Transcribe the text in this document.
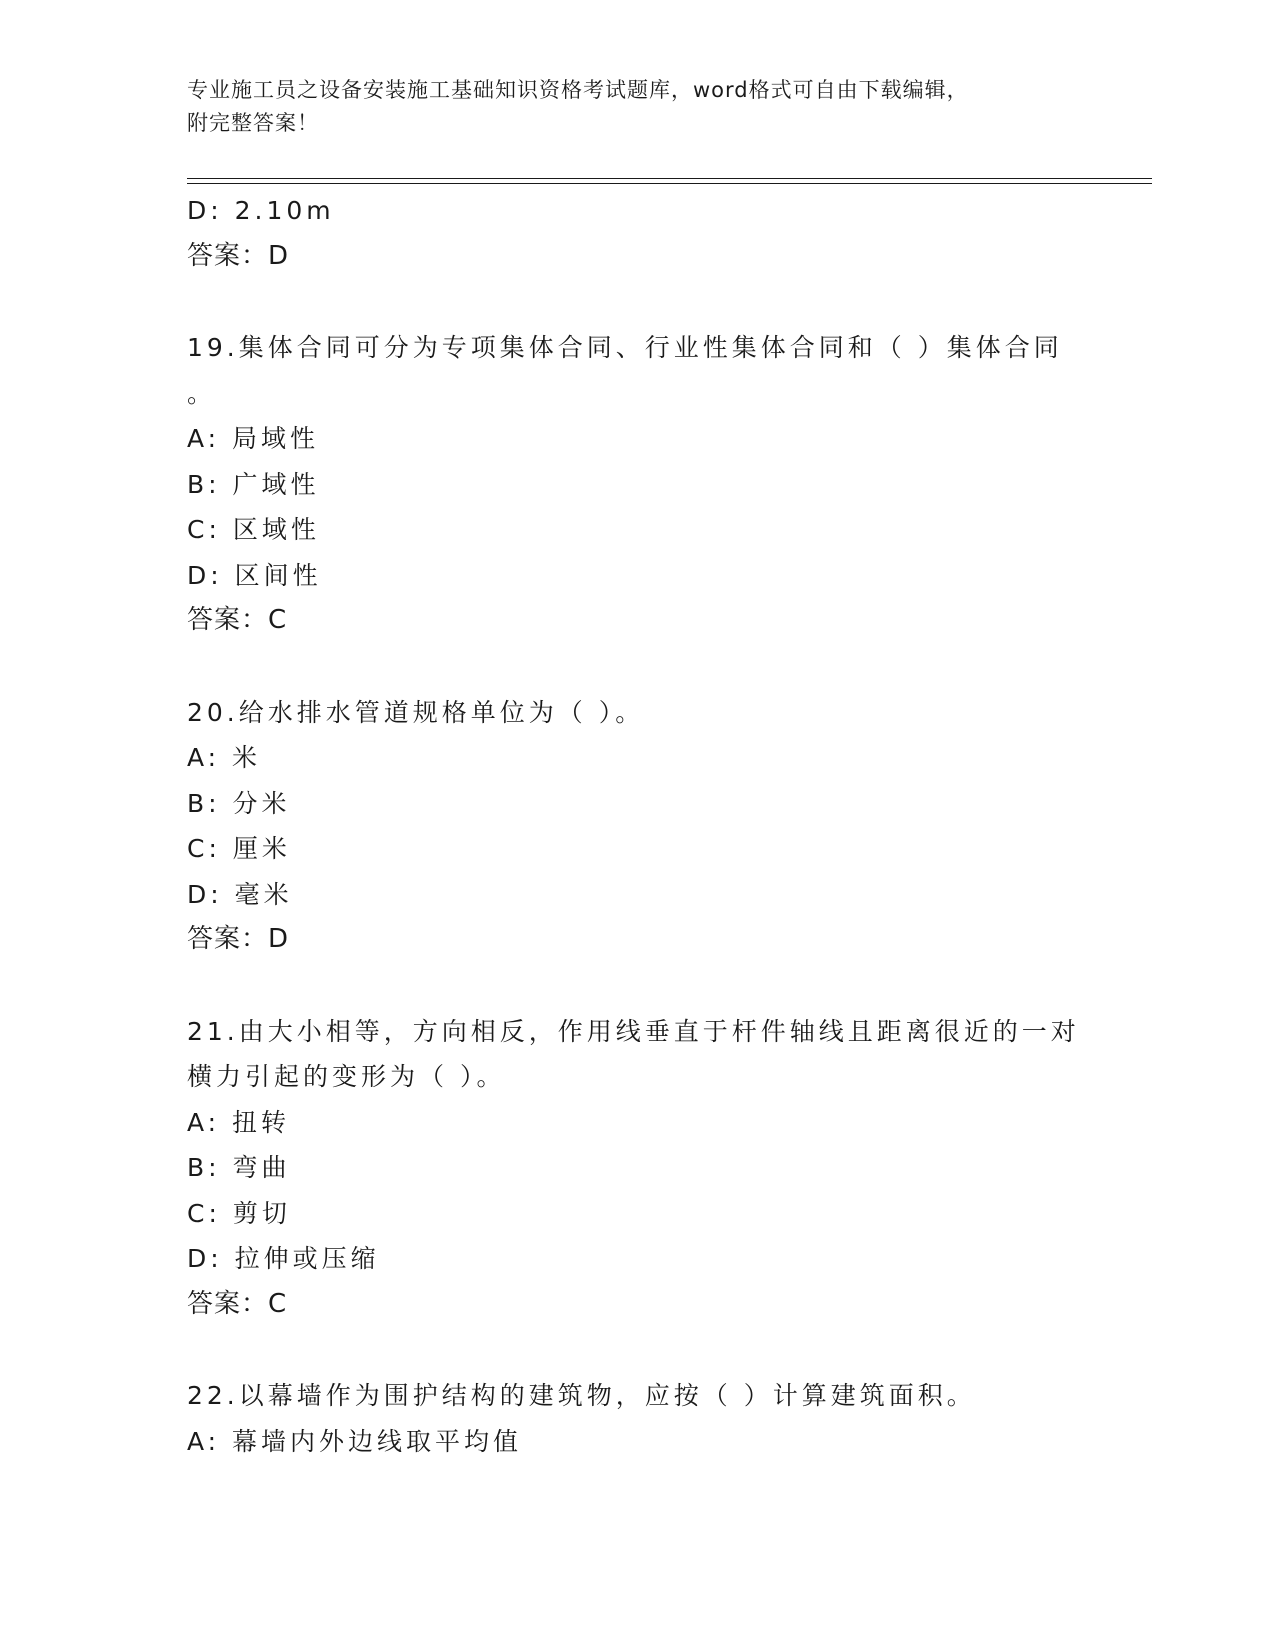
专业施工员之设备安装施工基础知识资格考试题库，word格式可自由下载编辑，
附完整答案！
D: 2.10m
答案：D
19.集体合同可分为专项集体合同、行业性集体合同和（ ）集体合同
。
A: 局域性
B: 广域性
C: 区域性
D: 区间性
答案：C
20.给水排水管道规格单位为（ ）。
A: 米
B: 分米
C: 厘米
D: 毫米
答案：D
21.由大小相等，方向相反，作用线垂直于杆件轴线且距离很近的一对
横力引起的变形为（ ）。
A: 扭转
B: 弯曲
C: 剪切
D: 拉伸或压缩
答案：C
22.以幕墙作为围护结构的建筑物，应按（ ）计算建筑面积。
A: 幕墙内外边线取平均值
